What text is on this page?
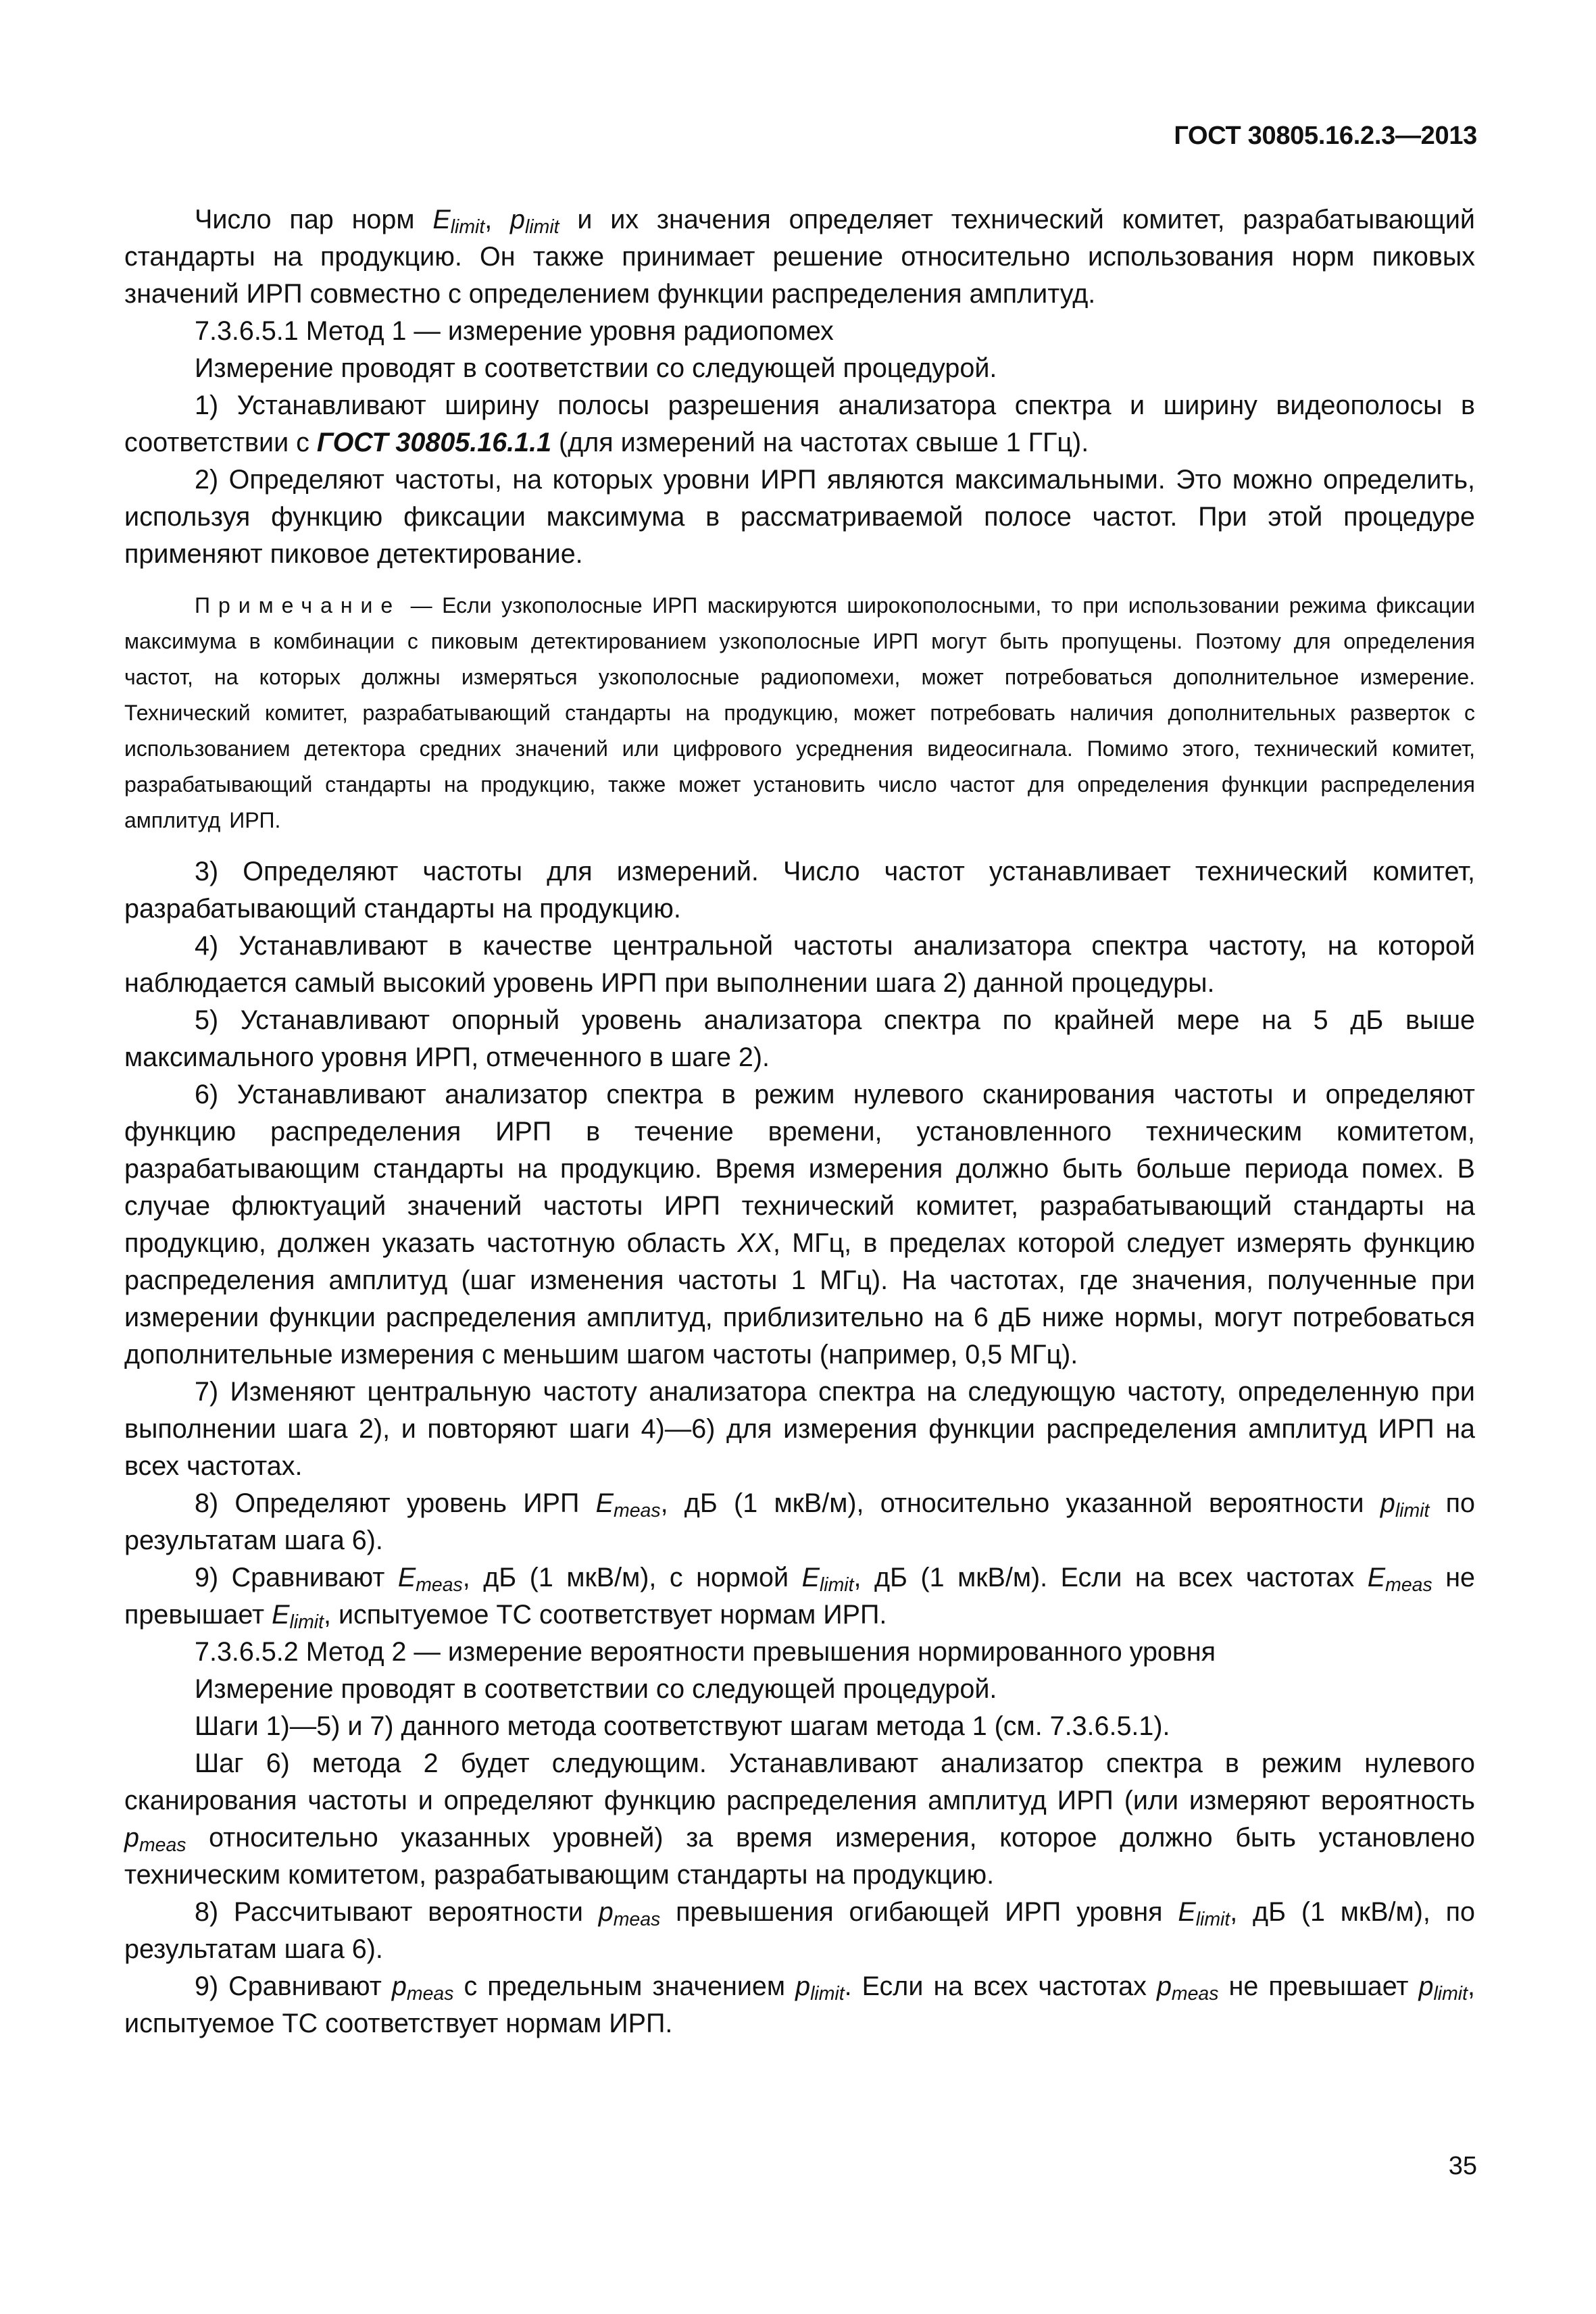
ГОСТ 30805.16.2.3—2013

Число пар норм $E_{limit}$, $p_{limit}$ и их значения определяет технический комитет, разрабатывающий стандарты на продукцию. Он также принимает решение относительно использования норм пиковых значений ИРП совместно с определением функции распределения амплитуд.

7.3.6.5.1 Метод 1 — измерение уровня радиопомех

Измерение проводят в соответствии со следующей процедурой.

1) Устанавливают ширину полосы разрешения анализатора спектра и ширину видеополосы в соответствии с ГОСТ 30805.16.1.1 (для измерений на частотах свыше 1 ГГц).

2) Определяют частоты, на которых уровни ИРП являются максимальными. Это можно определить, используя функцию фиксации максимума в рассматриваемой полосе частот. При этой процедуре применяют пиковое детектирование.

Примечание — Если узкополосные ИРП маскируются широкополосными, то при использовании режима фиксации максимума в комбинации с пиковым детектированием узкополосные ИРП могут быть пропущены. Поэтому для определения частот, на которых должны измеряться узкополосные радиопомехи, может потребоваться дополнительное измерение. Технический комитет, разрабатывающий стандарты на продукцию, может потребовать наличия дополнительных разверток с использованием детектора средних значений или цифрового усреднения видеосигнала. Помимо этого, технический комитет, разрабатывающий стандарты на продукцию, также может установить число частот для определения функции распределения амплитуд ИРП.

3) Определяют частоты для измерений. Число частот устанавливает технический комитет, разрабатывающий стандарты на продукцию.

4) Устанавливают в качестве центральной частоты анализатора спектра частоту, на которой наблюдается самый высокий уровень ИРП при выполнении шага 2) данной процедуры.

5) Устанавливают опорный уровень анализатора спектра по крайней мере на 5 дБ выше максимального уровня ИРП, отмеченного в шаге 2).

6) Устанавливают анализатор спектра в режим нулевого сканирования частоты и определяют функцию распределения ИРП в течение времени, установленного техническим комитетом, разрабатывающим стандарты на продукцию. Время измерения должно быть больше периода помех. В случае флюктуаций значений частоты ИРП технический комитет, разрабатывающий стандарты на продукцию, должен указать частотную область XX, МГц, в пределах которой следует измерять функцию распределения амплитуд (шаг изменения частоты 1 МГц). На частотах, где значения, полученные при измерении функции распределения амплитуд, приблизительно на 6 дБ ниже нормы, могут потребоваться дополнительные измерения с меньшим шагом частоты (например, 0,5 МГц).

7) Изменяют центральную частоту анализатора спектра на следующую частоту, определенную при выполнении шага 2), и повторяют шаги 4)—6) для измерения функции распределения амплитуд ИРП на всех частотах.

8) Определяют уровень ИРП $E_{meas}$, дБ (1 мкВ/м), относительно указанной вероятности $p_{limit}$ по результатам шага 6).

9) Сравнивают $E_{meas}$, дБ (1 мкВ/м), с нормой $E_{limit}$, дБ (1 мкВ/м). Если на всех частотах $E_{meas}$ не превышает $E_{limit}$, испытуемое ТС соответствует нормам ИРП.

7.3.6.5.2 Метод 2 — измерение вероятности превышения нормированного уровня

Измерение проводят в соответствии со следующей процедурой.

Шаги 1)—5) и 7) данного метода соответствуют шагам метода 1 (см. 7.3.6.5.1).

Шаг 6) метода 2 будет следующим. Устанавливают анализатор спектра в режим нулевого сканирования частоты и определяют функцию распределения амплитуд ИРП (или измеряют вероятность $p_{meas}$ относительно указанных уровней) за время измерения, которое должно быть установлено техническим комитетом, разрабатывающим стандарты на продукцию.

8) Рассчитывают вероятности $p_{meas}$ превышения огибающей ИРП уровня $E_{limit}$, дБ (1 мкВ/м), по результатам шага 6).

9) Сравнивают $p_{meas}$ с предельным значением $p_{limit}$. Если на всех частотах $p_{meas}$ не превышает $p_{limit}$, испытуемое ТС соответствует нормам ИРП.

35
